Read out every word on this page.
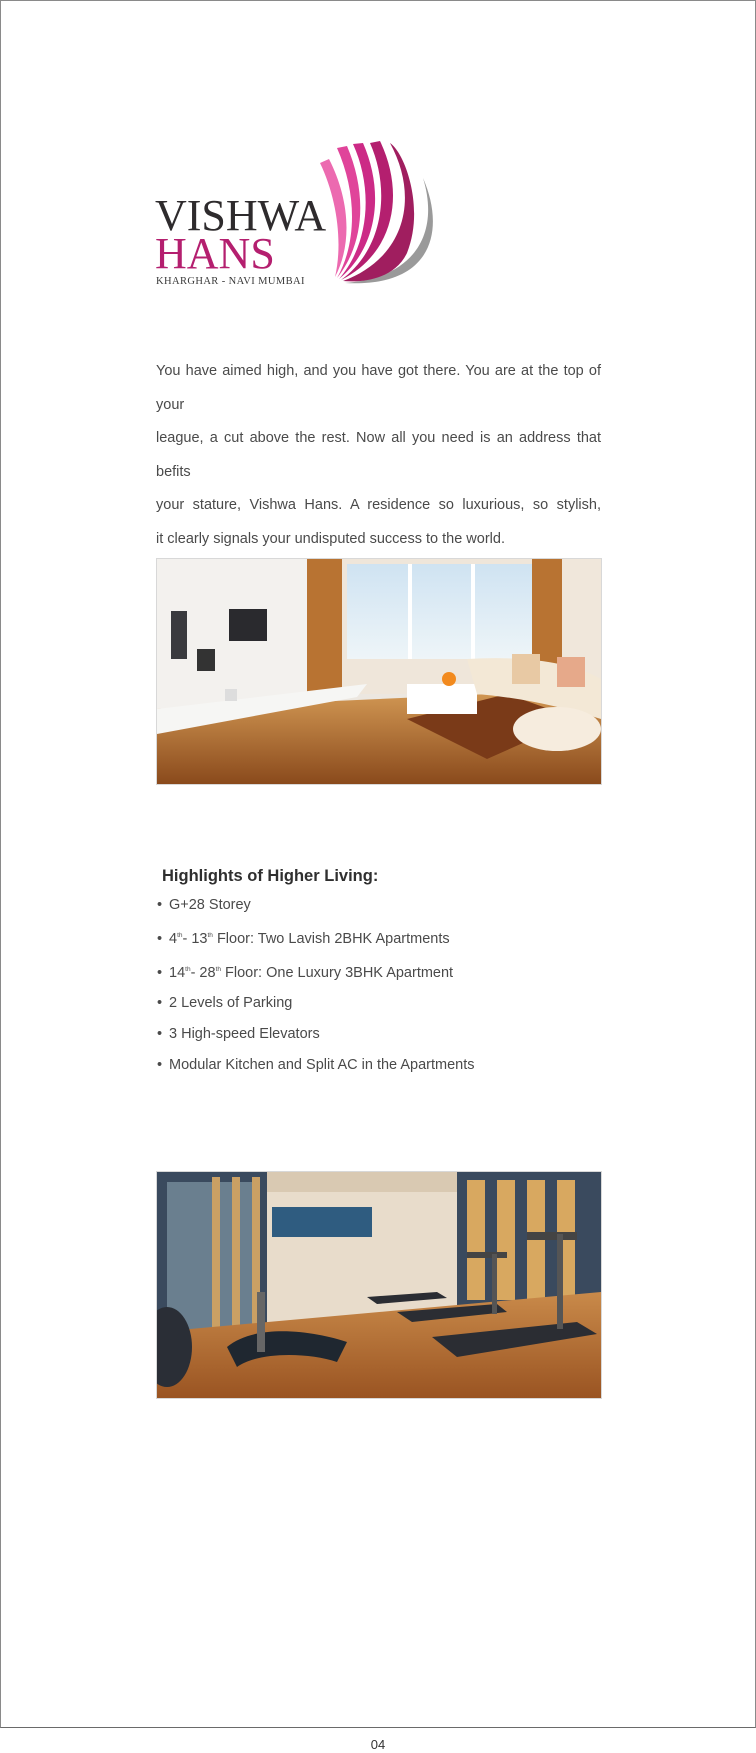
VISHWA
HANS
KHARGHAR - NAVI MUMBAI

You have aimed high, and you have got there. You are at the top of your

league, a cut above the rest. Now all you need is an address that befits

your stature, Vishwa Hans. A residence so luxurious, so stylish,

it clearly signals your undisputed success to the world.

Highlights of Higher Living:
• G+28 Storey
• 4th- 13th Floor: Two Lavish 2BHK Apartments
• 14th- 28th Floor: One Luxury 3BHK Apartment
• 2 Levels of Parking
• 3 High-speed Elevators
• Modular Kitchen and Split AC in the Apartments
04
